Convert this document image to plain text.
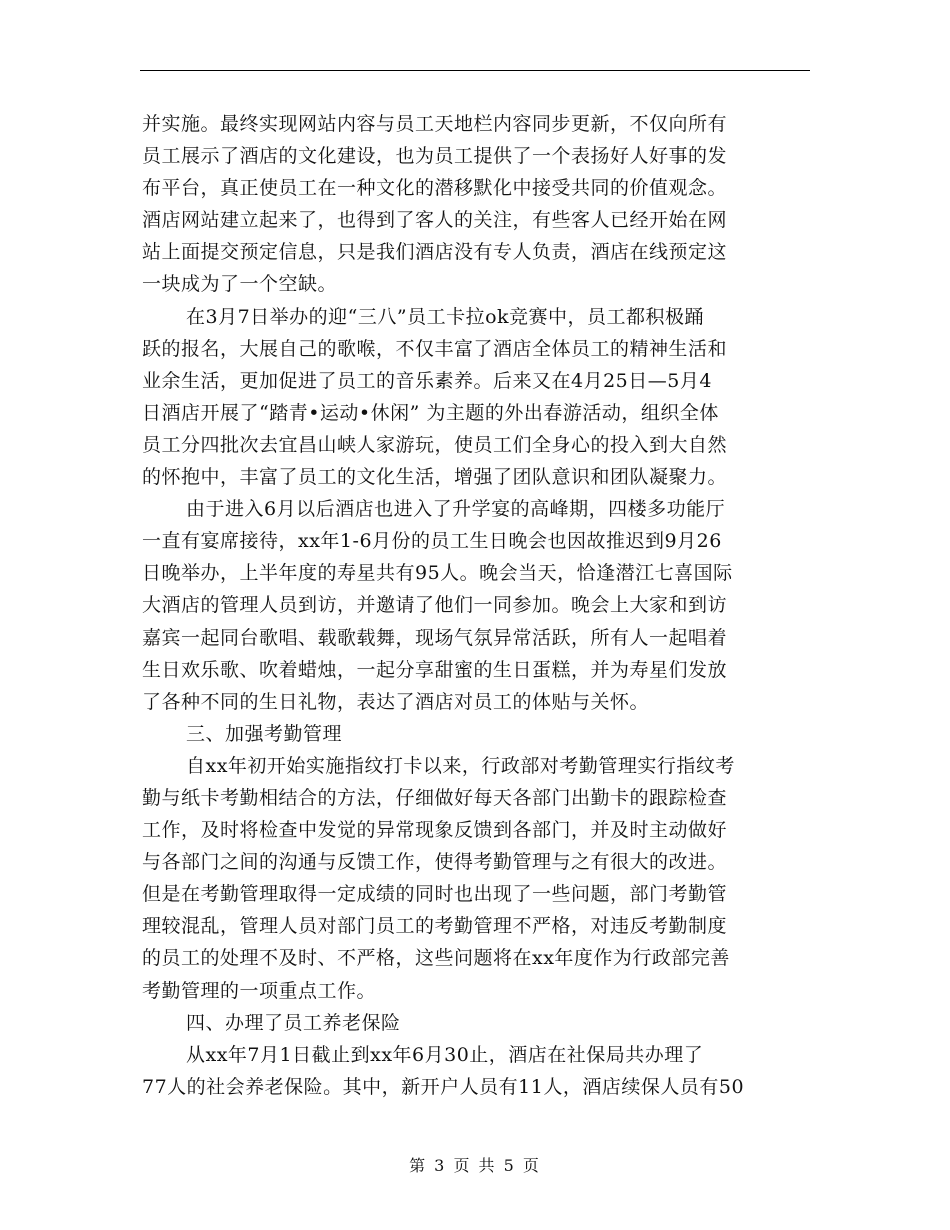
并实施。最终实现网站内容与员工天地栏内容同步更新，不仅向所有
员工展示了酒店的文化建设，也为员工提供了一个表扬好人好事的发
布平台，真正使员工在一种文化的潜移默化中接受共同的价值观念。
酒店网站建立起来了，也得到了客人的关注，有些客人已经开始在网
站上面提交预定信息，只是我们酒店没有专人负责，酒店在线预定这
一块成为了一个空缺。
在3月7日举办的迎“三八”员工卡拉ok竞赛中，员工都积极踊
跃的报名，大展自己的歌喉，不仅丰富了酒店全体员工的精神生活和
业余生活，更加促进了员工的音乐素养。后来又在4月25日—5月4
日酒店开展了“踏青•运动•休闲” 为主题的外出春游活动，组织全体
员工分四批次去宜昌山峡人家游玩，使员工们全身心的投入到大自然
的怀抱中，丰富了员工的文化生活，增强了团队意识和团队凝聚力。
由于进入6月以后酒店也进入了升学宴的高峰期，四楼多功能厅
一直有宴席接待，xx年1-6月份的员工生日晚会也因故推迟到9月26
日晚举办，上半年度的寿星共有95人。晚会当天，恰逢潜江七喜国际
大酒店的管理人员到访，并邀请了他们一同参加。晚会上大家和到访
嘉宾一起同台歌唱、载歌载舞，现场气氛异常活跃，所有人一起唱着
生日欢乐歌、吹着蜡烛，一起分享甜蜜的生日蛋糕，并为寿星们发放
了各种不同的生日礼物，表达了酒店对员工的体贴与关怀。
三、加强考勤管理
自xx年初开始实施指纹打卡以来，行政部对考勤管理实行指纹考
勤与纸卡考勤相结合的方法，仔细做好每天各部门出勤卡的跟踪检查
工作，及时将检查中发觉的异常现象反馈到各部门，并及时主动做好
与各部门之间的沟通与反馈工作，使得考勤管理与之有很大的改进。
但是在考勤管理取得一定成绩的同时也出现了一些问题，部门考勤管
理较混乱，管理人员对部门员工的考勤管理不严格，对违反考勤制度
的员工的处理不及时、不严格，这些问题将在xx年度作为行政部完善
考勤管理的一项重点工作。
四、办理了员工养老保险
从xx年7月1日截止到xx年6月30止，酒店在社保局共办理了
77人的社会养老保险。其中，新开户人员有11人，酒店续保人员有50
第 3 页 共 5 页
